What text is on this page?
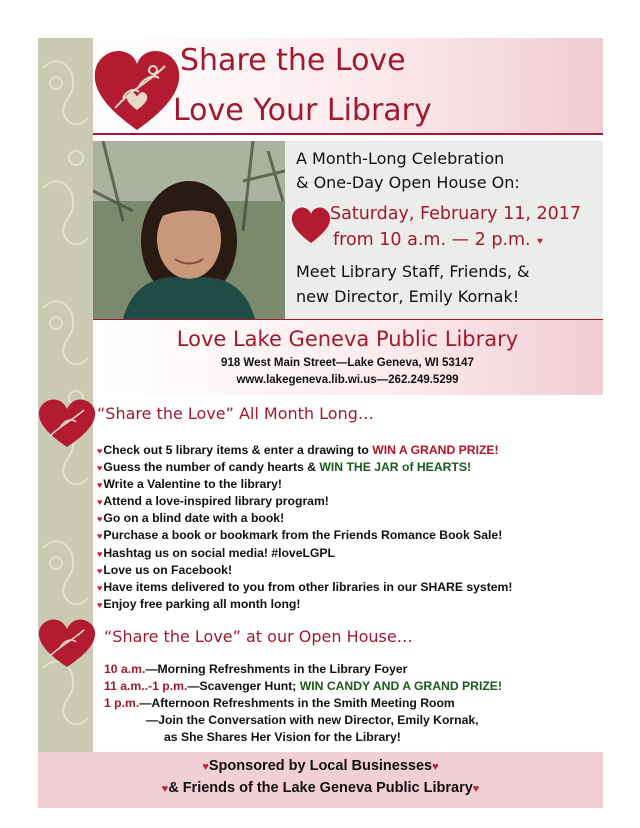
Share the Love
Love Your Library
A Month-Long Celebration
& One-Day Open House On:
Saturday, February 11, 2017
from 10 a.m. — 2 p.m. ♥
Meet Library Staff, Friends, &
new Director, Emily Kornak!
Love Lake Geneva Public Library
918 West Main Street—Lake Geneva, WI 53147
www.lakegeneva.lib.wi.us—262.249.5299
“Share the Love” All Month Long…
♥Check out 5 library items & enter a drawing to WIN A GRAND PRIZE!
♥Guess the number of candy hearts & WIN THE JAR of HEARTS!
♥Write a Valentine to the library!
♥Attend a love-inspired library program!
♥Go on a blind date with a book!
♥Purchase a book or bookmark from the Friends Romance Book Sale!
♥Hashtag us on social media! #loveLGPL
♥Love us on Facebook!
♥Have items delivered to you from other libraries in our SHARE system!
♥Enjoy free parking all month long!
“Share the Love” at our Open House…
10 a.m.—Morning Refreshments in the Library Foyer
11 a.m..-1 p.m.—Scavenger Hunt; WIN CANDY AND A GRAND PRIZE!
1 p.m.—Afternoon Refreshments in the Smith Meeting Room
—Join the Conversation with new Director, Emily Kornak,
as She Shares Her Vision for the Library!
♥Sponsored by Local Businesses♥
♥& Friends of the Lake Geneva Public Library♥
